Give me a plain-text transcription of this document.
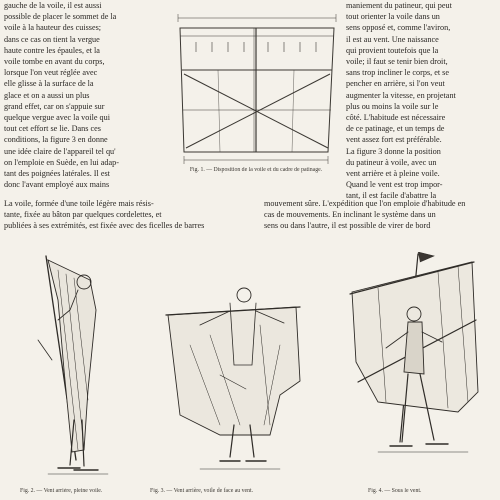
gauche de la voile, il est aussi

possible de placer le sommet de la

voile à la hauteur des cuisses;

dans ce cas on tient la vergue

haute contre les épaules, et la

voile tombe en avant du corps,

lorsque l'on veut réglée avec

elle glisse à la surface de la

glace et on a aussi un plus

grand effet, car on s'appuie sur

quelque vergue avec la voile qui

tout cet effort se lie. Dans ces

conditions, la figure 3 en donne

une idée claire de l'appareil tel qu'

on l'emploie en Suède, en lui adap-

tant des poignées latérales. Il est

donc l'avant employé aux mains

Fig. 1. — Disposition de la voile et du cadre de patinage.

maniement du patineur, qui peut

tout orienter la voile dans un

sens opposé et, comme l'aviron,

il est au vent. Une naissance

qui provient toutefois que la

voile; il faut se tenir bien droit,

sans trop incliner le corps, et se

pencher en arrière, si l'on veut

augmenter la vitesse, en projetant

plus ou moins la voile sur le

côté. L'habitude est nécessaire

de ce patinage, et un temps de

vent assez fort est préférable.

La figure 3 donne la position

du patineur à voile, avec un

vent arrière et à pleine voile.

Quand le vent est trop impor-

tant, il est facile d'abattre la

La voile, formée d'une toile légère mais résis-
tante, fixée au bâton par quelques cordelettes, et
publiées à ses extrémités, est fixée avec des ficelles de barres
mouvement sûre. L'expédition que l'on emploie d'habitude en
cas de mouvements. En inclinant le système dans un
sens ou dans l'autre, il est possible de virer de bord
Fig. 2. — Vent arrière, pleine voile.	Fig. 3. — Vent arrière, voile de face au vent.	Fig. 4. — Sous le vent.
